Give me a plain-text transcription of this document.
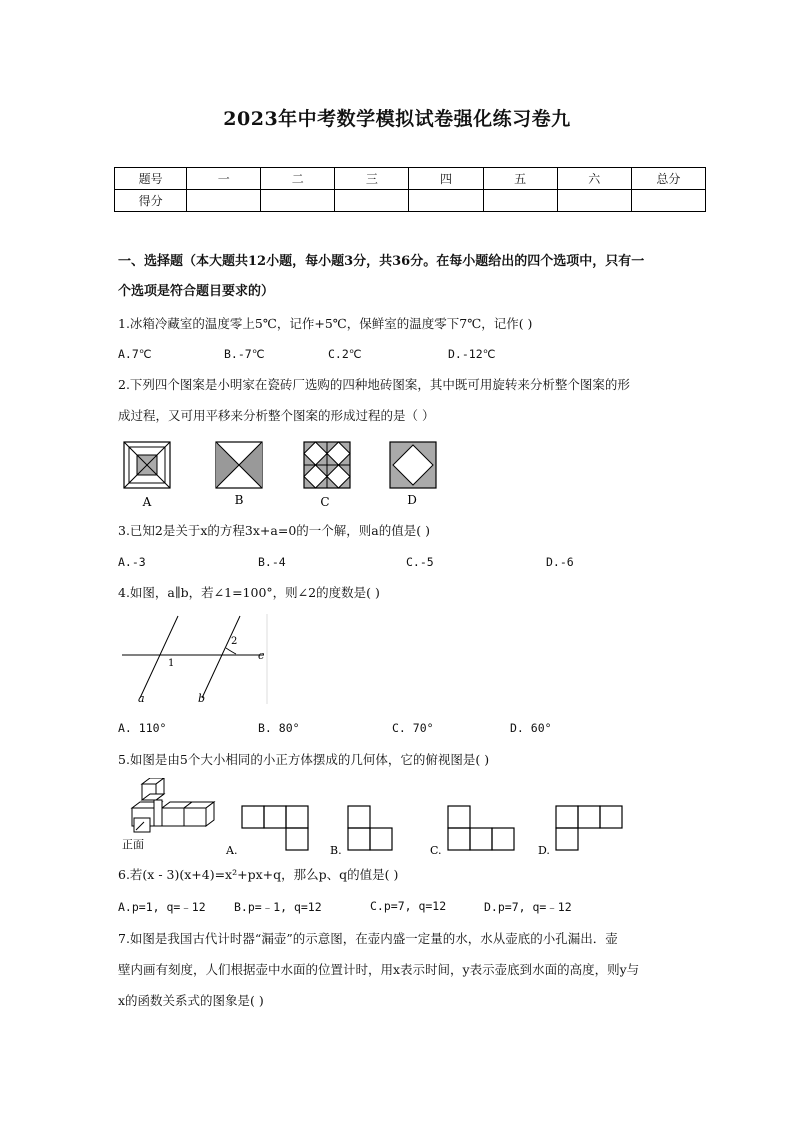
2023年中考数学模拟试卷强化练习卷九
题号	一	二	三	四	五	六	总分
得分							
一、选择题（本大题共12小题，每小题3分，共36分。在每小题给出的四个选项中，只有一
个选项是符合题目要求的）
1.冰箱冷藏室的温度零上5℃，记作+5℃，保鲜室的温度零下7℃，记作( )
A.7℃	B.-7℃	C.2℃	D.-12℃
2.下列四个图案是小明家在瓷砖厂选购的四种地砖图案，其中既可用旋转来分析整个图案的形
成过程，又可用平移来分析整个图案的形成过程的是（ ）
A	B	C	D
3.已知2是关于x的方程3x+a=0的一个解，则a的值是( )
A.-3	B.-4	C.-5	D.-6
4.如图，a∥b，若∠1=100°，则∠2的度数是( )
a	b
c
1
2
A. 110°	B. 80°	C. 70°	D. 60°
5.如图是由5个大小相同的小正方体摆成的几何体，它的俯视图是( )
正面	A.	B.	C.	D.
6.若(x - 3)(x+4)=x²+px+q，那么p、q的值是( )
A.p=1, q=﹣12 B.p=﹣1, q=12	C.p=7, q=12	D.p=7, q=﹣12
7.如图是我国古代计时器“漏壶”的示意图，在壶内盛一定量的水，水从壶底的小孔漏出．壶
壁内画有刻度，人们根据壶中水面的位置计时，用x表示时间，y表示壶底到水面的高度，则y与
x的函数关系式的图象是( )
